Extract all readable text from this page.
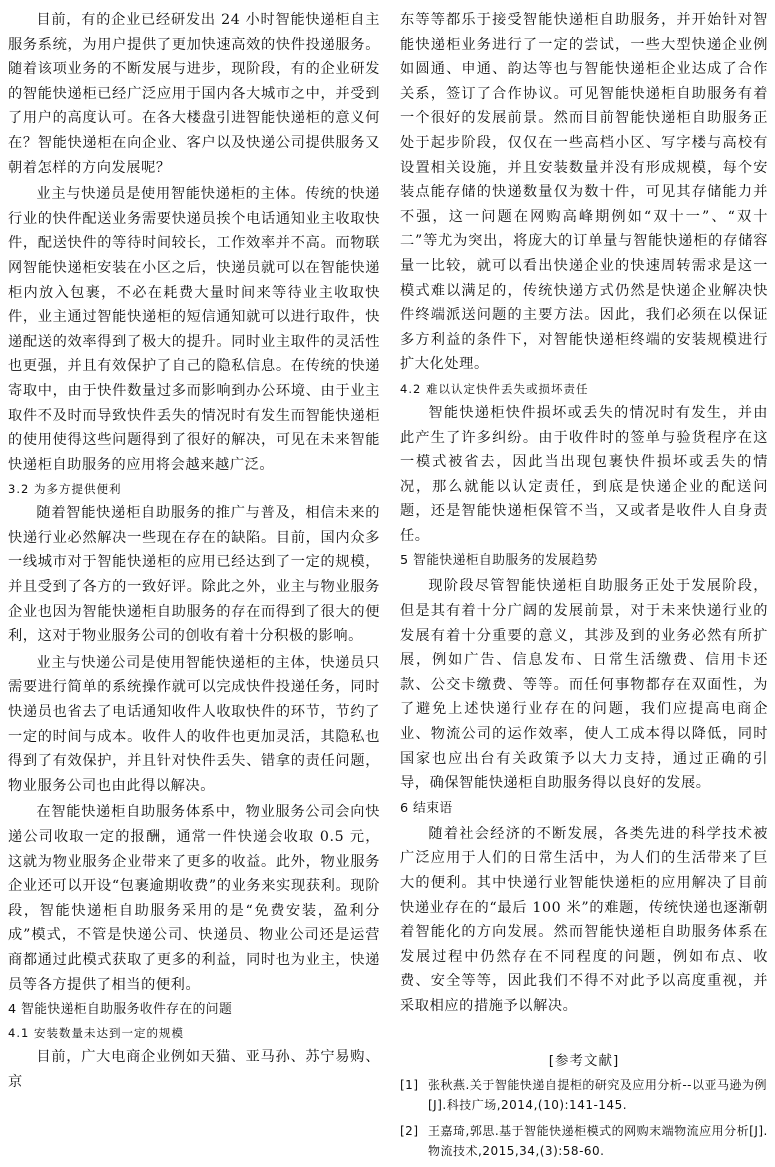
目前，有的企业已经研发出 24 小时智能快递柜自主服务系统，为用户提供了更加快速高效的快件投递服务。随着该项业务的不断发展与进步，现阶段，有的企业研发的智能快递柜已经广泛应用于国内各大城市之中，并受到了用户的高度认可。在各大楼盘引进智能快递柜的意义何在？智能快递柜在向企业、客户以及快递公司提供服务又朝着怎样的方向发展呢？

业主与快递员是使用智能快递柜的主体。传统的快递行业的快件配送业务需要快递员挨个电话通知业主收取快件，配送快件的等待时间较长，工作效率并不高。而物联网智能快递柜安装在小区之后，快递员就可以在智能快递柜内放入包裹，不必在耗费大量时间来等待业主收取快件，业主通过智能快递柜的短信通知就可以进行取件，快递配送的效率得到了极大的提升。同时业主取件的灵活性也更强，并且有效保护了自己的隐私信息。在传统的快递寄取中，由于快件数量过多而影响到办公环境、由于业主取件不及时而导致快件丢失的情况时有发生而智能快递柜的使用使得这些问题得到了很好的解决，可见在未来智能快递柜自助服务的应用将会越来越广泛。

3.2 为多方提供便利

随着智能快递柜自助服务的推广与普及，相信未来的快递行业必然解决一些现在存在的缺陷。目前，国内众多一线城市对于智能快递柜的应用已经达到了一定的规模，并且受到了各方的一致好评。除此之外，业主与物业服务企业也因为智能快递柜自助服务的存在而得到了很大的便利，这对于物业服务公司的创收有着十分积极的影响。

业主与快递公司是使用智能快递柜的主体，快递员只需要进行简单的系统操作就可以完成快件投递任务，同时快递员也省去了电话通知收件人收取快件的环节，节约了一定的时间与成本。收件人的收件也更加灵活，其隐私也得到了有效保护，并且针对快件丢失、错拿的责任问题，物业服务公司也由此得以解决。

在智能快递柜自助服务体系中，物业服务公司会向快递公司收取一定的报酬，通常一件快递会收取 0.5 元，这就为物业服务企业带来了更多的收益。此外，物业服务企业还可以开设“包裹逾期收费”的业务来实现获利。现阶段，智能快递柜自助服务采用的是“免费安装，盈利分成”模式，不管是快递公司、快递员、物业公司还是运营商都通过此模式获取了更多的利益，同时也为业主，快递员等各方提供了相当的便利。

4 智能快递柜自助服务收件存在的问题
4.1 安装数量未达到一定的规模

目前，广大电商企业例如天猫、亚马孙、苏宁易购、京

东等等都乐于接受智能快递柜自助服务，并开始针对智能快递柜业务进行了一定的尝试，一些大型快递企业例如圆通、申通、韵达等也与智能快递柜企业达成了合作关系，签订了合作协议。可见智能快递柜自助服务有着一个很好的发展前景。然而目前智能快递柜自助服务正处于起步阶段，仅仅在一些高档小区、写字楼与高校有设置相关设施，并且安装数量并没有形成规模，每个安装点能存储的快递数量仅为数十件，可见其存储能力并不强，这一问题在网购高峰期例如“双十一”、“双十二”等尤为突出，将庞大的订单量与智能快递柜的存储容量一比较，就可以看出快递企业的快速周转需求是这一模式难以满足的，传统快递方式仍然是快递企业解决快件终端派送问题的主要方法。因此，我们必须在以保证多方利益的条件下，对智能快递柜终端的安装规模进行扩大化处理。

4.2 难以认定快件丢失或损坏责任

智能快递柜快件损坏或丢失的情况时有发生，并由此产生了许多纠纷。由于收件时的签单与验货程序在这一模式被省去，因此当出现包裹快件损坏或丢失的情况，那么就能以认定责任，到底是快递企业的配送问题，还是智能快递柜保管不当，又或者是收件人自身责任。

5 智能快递柜自助服务的发展趋势

现阶段尽管智能快递柜自助服务正处于发展阶段，但是其有着十分广阔的发展前景，对于未来快递行业的发展有着十分重要的意义，其涉及到的业务必然有所扩展，例如广告、信息发布、日常生活缴费、信用卡还款、公交卡缴费、等等。而任何事物都存在双面性，为了避免上述快递行业存在的问题，我们应提高电商企业、物流公司的运作效率，使人工成本得以降低，同时国家也应出台有关政策予以大力支持，通过正确的引导，确保智能快递柜自助服务得以良好的发展。

6 结束语

随着社会经济的不断发展，各类先进的科学技术被广泛应用于人们的日常生活中，为人们的生活带来了巨大的便利。其中快递行业智能快递柜的应用解决了目前快递业存在的“最后 100 米”的难题，传统快递也逐渐朝着智能化的方向发展。然而智能快递柜自助服务体系在发展过程中仍然存在不同程度的问题，例如布点、收费、安全等等，因此我们不得不对此予以高度重视，并采取相应的措施予以解决。

[参考文献]
[1] 张秋燕.关于智能快递自提柜的研究及应用分析--以亚马逊为例[J].科技广场,2014,(10):141-145.
[2] 王嘉琦,郭思.基于智能快递柜模式的网购末端物流应用分析[J].物流技术,2015,34,(3):58-60.
